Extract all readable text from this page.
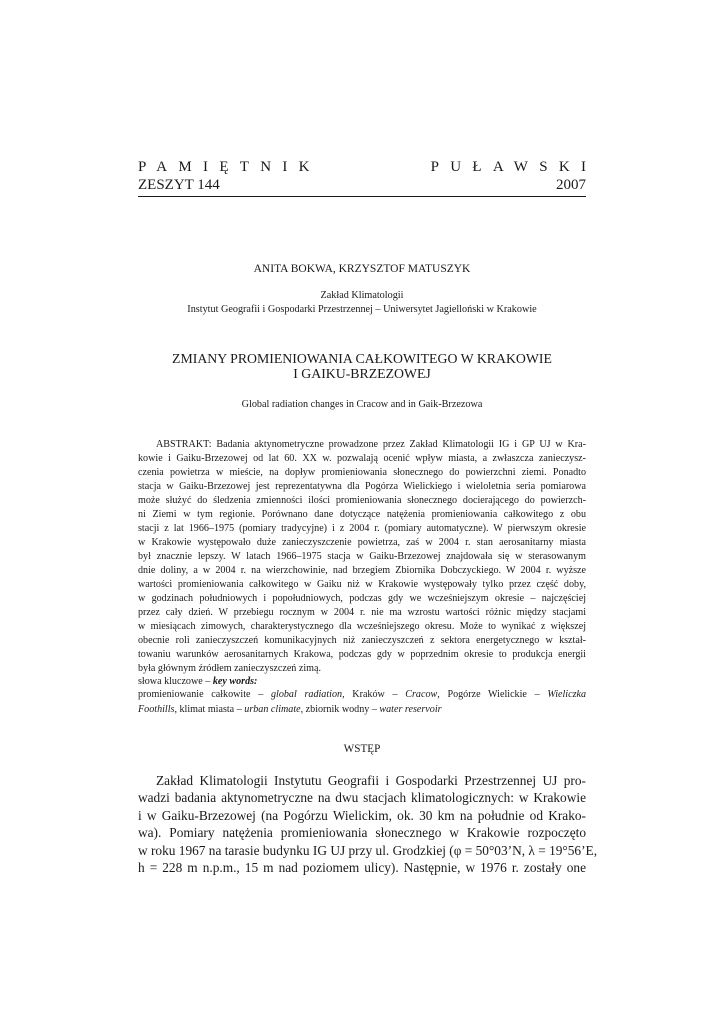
PAMIĘTNIK	PUŁAWSKI
ZESZYT 144	2007
ANITA BOKWA, KRZYSZTOF MATUSZYK
Zakład Klimatologii
Instytut Geografii i Gospodarki Przestrzennej – Uniwersytet Jagielloński w Krakowie
ZMIANY PROMIENIOWANIA CAŁKOWITEGO W KRAKOWIE
I GAIKU-BRZEZOWEJ
Global radiation changes in Cracow and in Gaik-Brzezowa
ABSTRAKT: Badania aktynometryczne prowadzone przez Zakład Klimatologii IG i GP UJ w Kra-
kowie i Gaiku-Brzezowej od lat 60. XX w. pozwalają ocenić wpływ miasta, a zwłaszcza zanieczysz-
czenia powietrza w mieście, na dopływ promieniowania słonecznego do powierzchni ziemi. Ponadto
stacja w Gaiku-Brzezowej jest reprezentatywna dla Pogórza Wielickiego i wieloletnia seria pomiarowa
może służyć do śledzenia zmienności ilości promieniowania słonecznego docierającego do powierzch-
ni Ziemi w tym regionie. Porównano dane dotyczące natężenia promieniowania całkowitego z obu
stacji z lat 1966–1975 (pomiary tradycyjne) i z 2004 r. (pomiary automatyczne). W pierwszym okresie
w Krakowie występowało duże zanieczyszczenie powietrza, zaś w 2004 r. stan aerosanitarny miasta
był znacznie lepszy. W latach 1966–1975 stacja w Gaiku-Brzezowej znajdowała się w sterasowanym
dnie doliny, a w 2004 r. na wierzchowinie, nad brzegiem Zbiornika Dobczyckiego. W 2004 r. wyższe
wartości promieniowania całkowitego w Gaiku niż w Krakowie występowały tylko przez część doby,
w godzinach południowych i popołudniowych, podczas gdy we wcześniejszym okresie – najczęściej
przez cały dzień. W przebiegu rocznym w 2004 r. nie ma wzrostu wartości różnic między stacjami
w miesiącach zimowych, charakterystycznego dla wcześniejszego okresu. Może to wynikać z większej
obecnie roli zanieczyszczeń komunikacyjnych niż zanieczyszczeń z sektora energetycznego w kształ-
towaniu warunków aerosanitarnych Krakowa, podczas gdy w poprzednim okresie to produkcja energii
była głównym źródłem zanieczyszczeń zimą.
słowa kluczowe – key words:
promieniowanie całkowite – global radiation, Kraków – Cracow, Pogórze Wielickie – Wieliczka
Foothills, klimat miasta – urban climate, zbiornik wodny – water reservoir
WSTĘP
Zakład Klimatologii Instytutu Geografii i Gospodarki Przestrzennej UJ pro-
wadzi badania aktynometryczne na dwu stacjach klimatologicznych: w Krakowie
i w Gaiku-Brzezowej (na Pogórzu Wielickim, ok. 30 km na południe od Krako-
wa). Pomiary natężenia promieniowania słonecznego w Krakowie rozpoczęto
w roku 1967 na tarasie budynku IG UJ przy ul. Grodzkiej (φ = 50°03’N, λ = 19°56’E,
h = 228 m n.p.m., 15 m nad poziomem ulicy). Następnie, w 1976 r. zostały one
